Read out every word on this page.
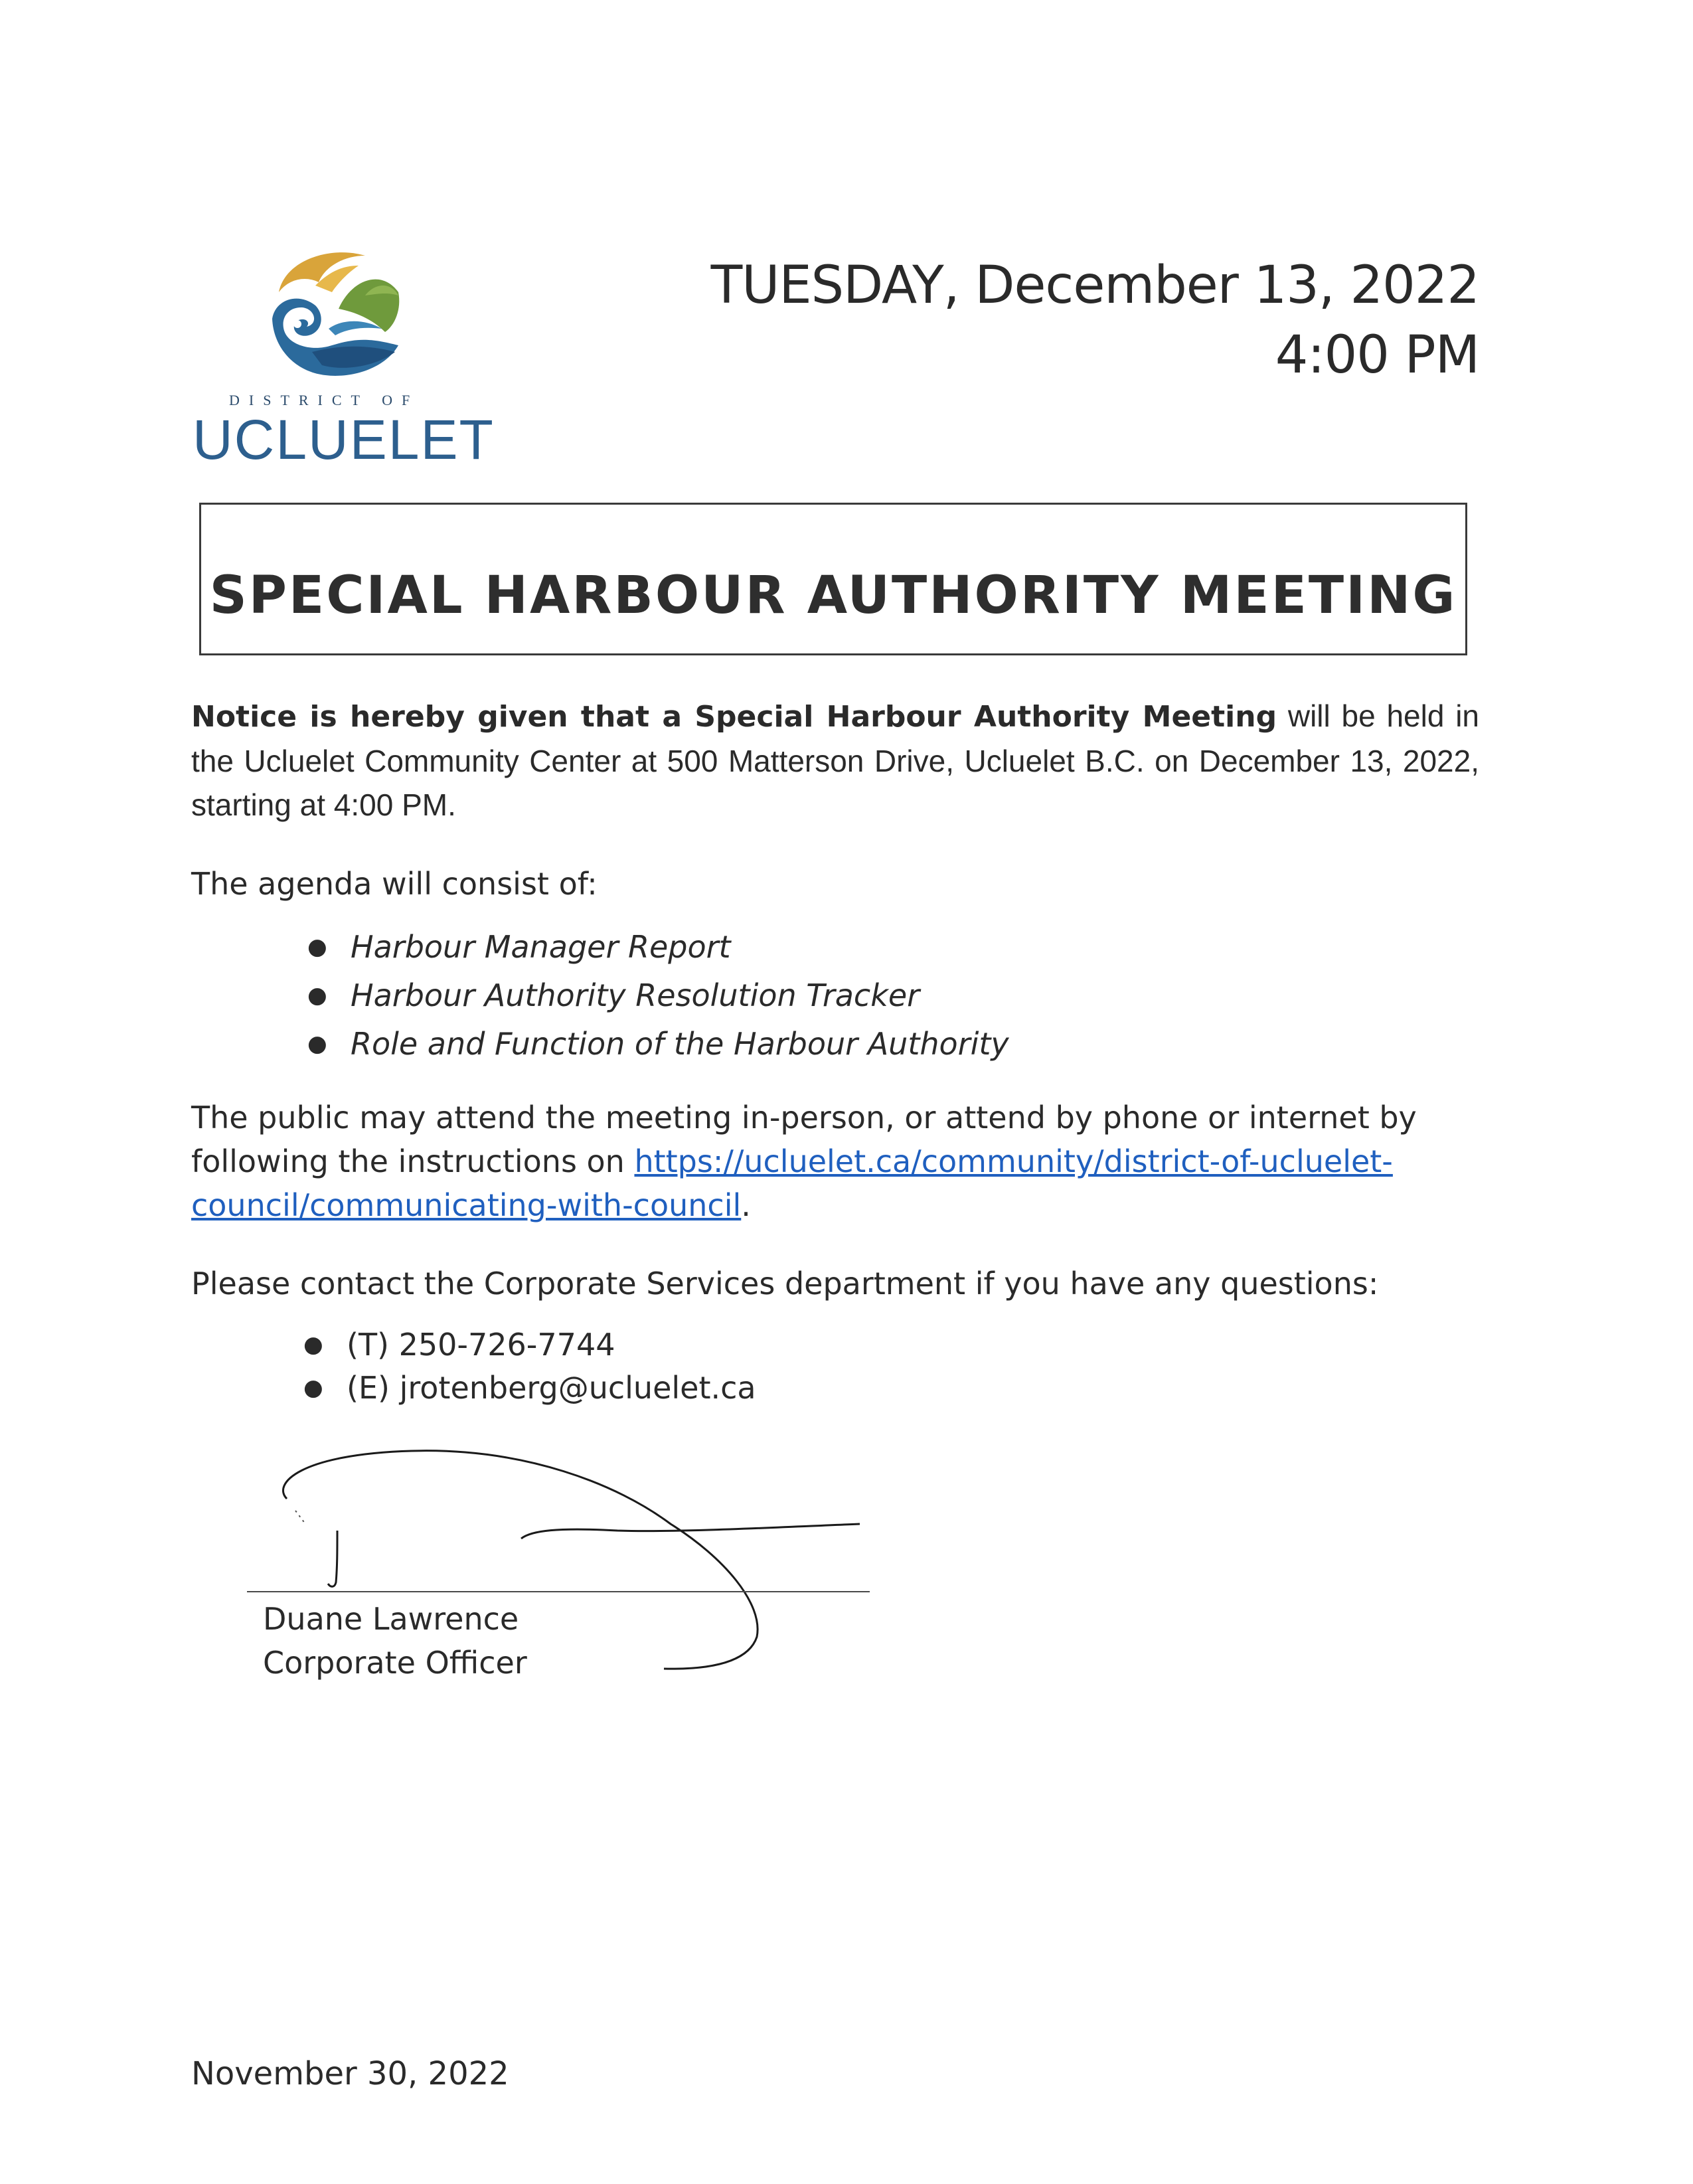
DISTRICT OF
UCLUELET
TUESDAY, December 13, 2022
4:00 PM
SPECIAL HARBOUR AUTHORITY MEETING
Notice is hereby given that a Special Harbour Authority Meeting will be held in the Ucluelet Community Center at 500 Matterson Drive, Ucluelet B.C. on December 13, 2022, starting at 4:00 PM.
The agenda will consist of:
● Harbour Manager Report
● Harbour Authority Resolution Tracker
● Role and Function of the Harbour Authority
The public may attend the meeting in-person, or attend by phone or internet by following the instructions on https://ucluelet.ca/community/district-of-ucluelet-council/communicating-with-council.
Please contact the Corporate Services department if you have any questions:
● (T) 250-726-7744
● (E) jrotenberg@ucluelet.ca
Duane Lawrence
Corporate Officer
November 30, 2022
